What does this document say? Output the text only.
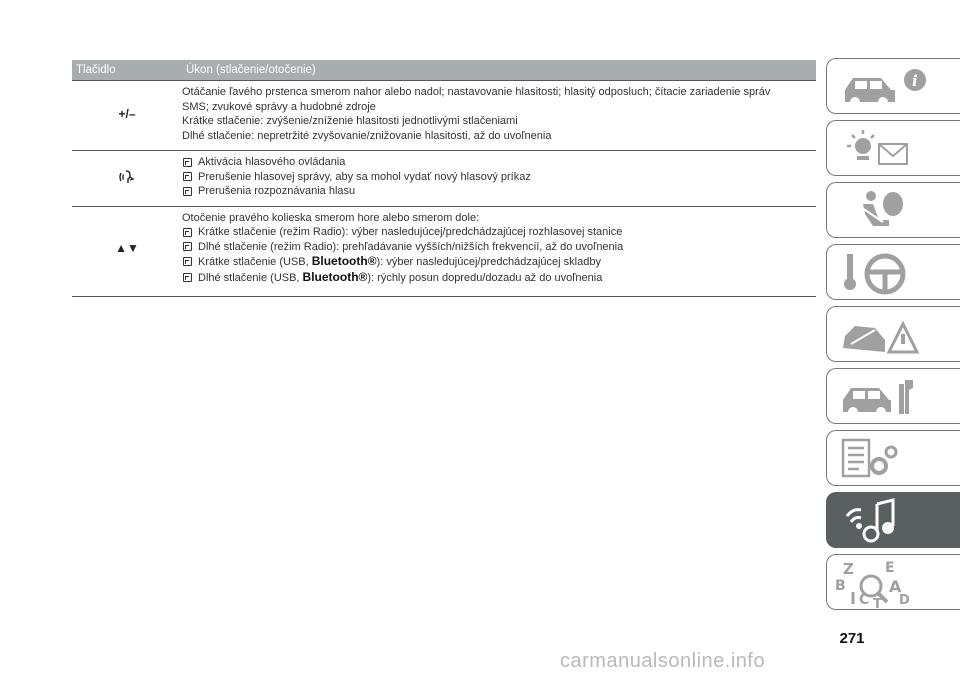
Tlačidlo	Úkon (stlačenie/otočenie)
+/–
Otáčanie ľavého prstenca smerom nahor alebo nadol; nastavovanie hlasitosti; hlasitý odposluch; čítacie zariadenie správ
SMS; zvukové správy a hudobné zdroje
Krátke stlačenie: zvýšenie/zníženie hlasitosti jednotlivými stlačeniami
Dlhé stlačenie: nepretržité zvyšovanie/znižovanie hlasitosti, až do uvoľnenia
Aktivácia hlasového ovládania
Prerušenie hlasovej správy, aby sa mohol vydať nový hlasový príkaz
Prerušenia rozpoznávania hlasu
▲▼
Otočenie pravého kolieska smerom hore alebo smerom dole:
Krátke stlačenie (režim Radio): výber nasledujúcej/predchádzajúcej rozhlasovej stanice
Dlhé stlačenie (režim Radio): prehľadávanie vyšších/nižších frekvencií, až do uvoľnenia
Krátke stlačenie (USB, Bluetooth®): výber nasledujúcej/predchádzajúcej skladby
Dlhé stlačenie (USB, Bluetooth®): rýchly posun dopredu/dozadu až do uvoľnenia
i
Z E
B	A
C T D
271
carmanualsonline.info
